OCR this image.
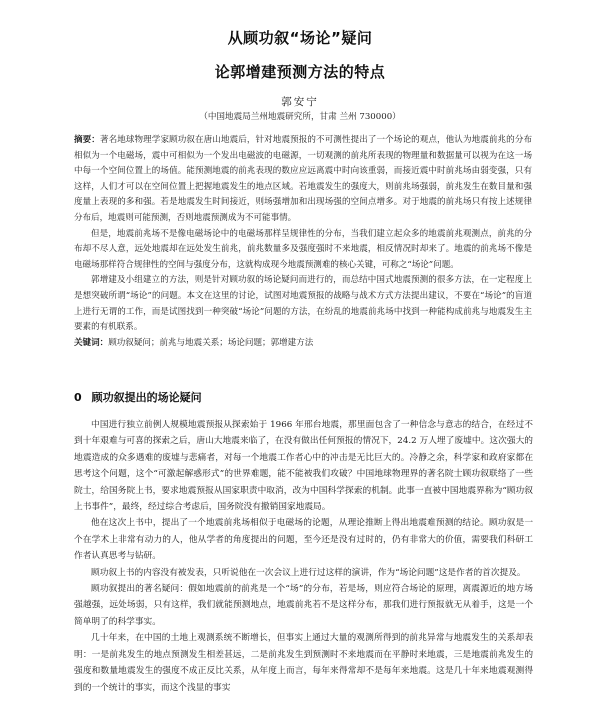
从顾功叙“场论”疑问
论郭增建预测方法的特点
郭安宁
（中国地震局兰州地震研究所，甘肃 兰州 730000）

摘要：著名地球物理学家顾功叙在唐山地震后，针对地震预报的不可测性提出了一个场论的观点，他认为地震前兆的分布相似为一个电磁场，震中可相似为一个发出电磁波的电磁源，一切观测的前兆所表现的物理量和数据量可以视为在这一场中每一个空间位置上的场值。能预测地震的前兆表现的数应应远离震中时向该重弱，而接近震中时前兆场由弱变强，只有这样，人们才可以在空间位置上把握地震发生的地点区域。若地震发生的强度大，则前兆场强弱，前兆发生在数目量和强度量上表现的多和强。若是地震发生时间接近，则场强增加和出现场强的空间点增多。对于地震的前兆场只有按上述规律分布后，地震则可能预测，否则地震预测成为不可能事情。

但是，地震前兆场不是像电磁场论中的电磁场那样呈规律性的分布，当我们建立起众多的地震前兆观测点，前兆的分布却不尽人意，远处地震却在远处发生前兆，前兆数量多及强度强时不来地震，相反情况时却来了。地震的前兆场不像是电磁场那样符合规律性的空间与强度分布，这就构成现今地震预测难的核心关键，可称之“场论”问题。

郭增建及小组建立的方法，则是针对顾功叙的场论疑问而进行的，而总结中国式地震预测的很多方法，在一定程度上是想突破所谓“场论”的问题。本文在这里的讨论，试图对地震预报的战略与战术方式方法提出建议，不要在“场论”的盲道上进行无谓的工作，而是试图找到一种突破“场论”问题的方法，在纷乱的地震前兆场中找到一种能构成前兆与地震发生主要素的有机联系。

关键词：顾功叙疑问；前兆与地震关系；场论问题；郭增建方法

0 顾功叙提出的场论疑问

中国进行独立前例人规模地震预报从探索始于 1966 年邢台地震，那里面包含了一种信念与意志的结合，在经过不到十年艰难与可喜的探索之后，唐山大地震来临了，在没有做出任何预报的情况下，24.2 万人埋了废墟中。这次强大的地震造成的众多遇难的废墟与悲痛者，对每一个地震工作者心中的冲击是无比巨大的。冷静之余，科学家和政府家都在思考这个问题，这个“可激起解惑形式”的世界难题，能不能被我们攻破？中国地球物理界的著名院士顾功叙联络了一些院士，给国务院上书，要求地震预报从国家职责中取消，改为中国科学探索的机制。此事一直被中国地震界称为“顾功叙上书事件”，最终，经过综合考虑后，国务院没有撤销国家地震局。

他在这次上书中，提出了一个地震前兆场相似于电磁场的论题，从理论推断上得出地震难预测的结论。顾功叙是一个在学术上非常有动力的人，他从学者的角度提出的问题，至今还是没有过时的，仍有非常大的价值，需要我们科研工作者认真思考与钻研。

顾功叙上书的内容没有被发表，只听说他在一次会议上进行过这样的演讲，作为“场论问题”这是作者的首次提及。

顾功叙提出的著名疑问：假如地震前的前兆是一个“场”的分布，若是场，则应符合场论的原理，离震源近的地方场强越强，远处场弱，只有这样，我们就能预测地点，地震前兆若不是这样分布，那我们进行预报就无从着手，这是一个简单明了的科学事实。

几十年来，在中国的土地上观测系统不断增长，但事实上通过大量的观测所得到的前兆异常与地震发生的关系却表明：一是前兆发生的地点预测发生相差甚远，二是前兆发生到预测时不来地震而在平静时来地震，三是地震前兆发生的强度和数量地震发生的强度不成正反比关系，从年度上而言，每年来得常却不是每年来地震。这是几十年来地震观测得到的一个统计的事实，而这个浅显的事实
